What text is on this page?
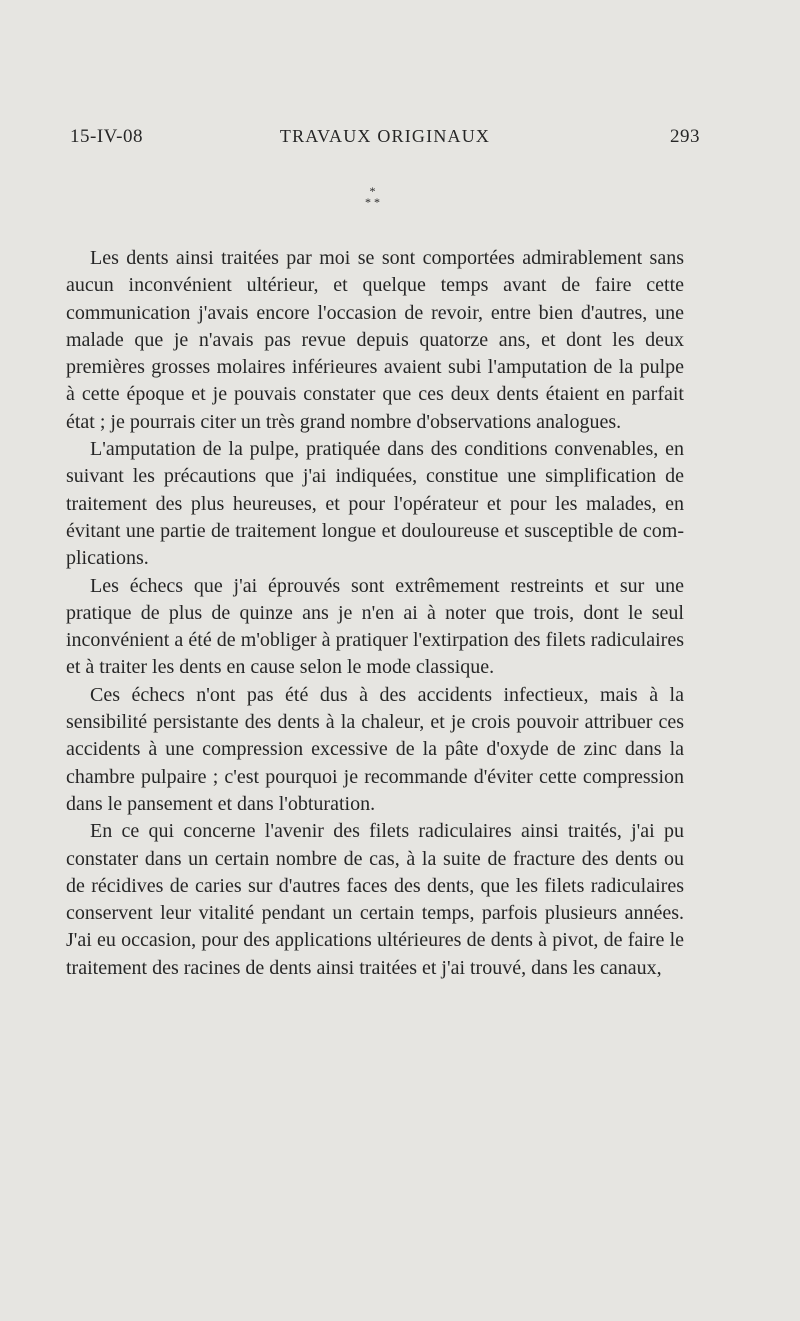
15-IV-08	TRAVAUX ORIGINAUX	293
*
* *

Les dents ainsi traitées par moi se sont comportées admirablement sans aucun inconvénient ultérieur, et quelque temps avant de faire cette communication j'avais encore l'occasion de revoir, entre bien d'autres, une malade que je n'avais pas revue depuis quatorze ans, et dont les deux premières grosses molaires inférieures avaient subi l'amputation de la pulpe à cette époque et je pouvais constater que ces deux dents étaient en parfait état ; je pourrais citer un très grand nombre d'observations analogues.

L'amputation de la pulpe, pratiquée dans des conditions convenables, en suivant les précautions que j'ai indiquées, constitue une simplification de traitement des plus heureuses, et pour l'opérateur et pour les malades, en évitant une partie de traitement longue et douloureuse et susceptible de complications.

Les échecs que j'ai éprouvés sont extrêmement restreints et sur une pratique de plus de quinze ans je n'en ai à noter que trois, dont le seul inconvénient a été de m'obliger à pratiquer l'extirpation des filets radiculaires et à traiter les dents en cause selon le mode classique.

Ces échecs n'ont pas été dus à des accidents infectieux, mais à la sensibilité persistante des dents à la chaleur, et je crois pouvoir attribuer ces accidents à une compression excessive de la pâte d'oxyde de zinc dans la chambre pulpaire ; c'est pourquoi je recommande d'éviter cette compression dans le pansement et dans l'obturation.

En ce qui concerne l'avenir des filets radiculaires ainsi traités, j'ai pu constater dans un certain nombre de cas, à la suite de fracture des dents ou de récidives de caries sur d'autres faces des dents, que les filets radiculaires conservent leur vitalité pendant un certain temps, parfois plusieurs années. J'ai eu occasion, pour des applications ultérieures de dents à pivot, de faire le traitement des racines de dents ainsi traitées et j'ai trouvé, dans les canaux,
